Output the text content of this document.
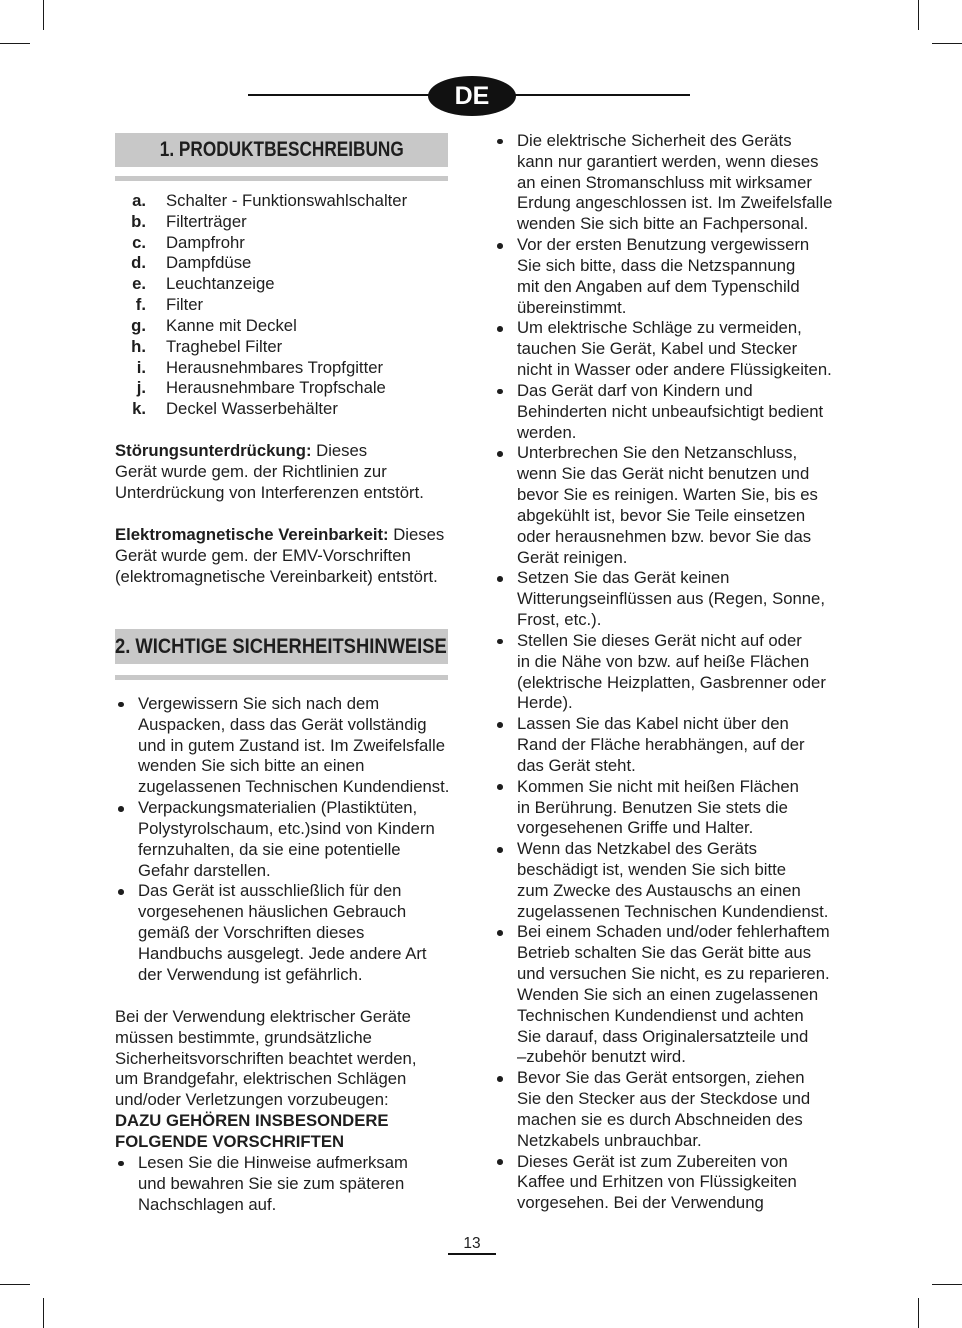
DE
1. PRODUKTBESCHREIBUNG
a. Schalter - Funktionswahlschalter
b. Filterträger
c. Dampfrohr
d. Dampfdüse
e. Leuchtanzeige
f. Filter
g. Kanne mit Deckel
h. Traghebel Filter
i. Herausnehmbares Tropfgitter
j. Herausnehmbare Tropfschale
k. Deckel Wasserbehälter
Störungsunterdrückung: Dieses
Gerät wurde gem. der Richtlinien zur
Unterdrückung von Interferenzen entstört.
Elektromagnetische Vereinbarkeit: Dieses
Gerät wurde gem. der EMV-Vorschriften
(elektromagnetische Vereinbarkeit) entstört.
2. WICHTIGE SICHERHEITSHINWEISE
Vergewissern Sie sich nach dem
Auspacken, dass das Gerät vollständig
und in gutem Zustand ist. Im Zweifelsfalle
wenden Sie sich bitte an einen
zugelassenen Technischen Kundendienst.
Verpackungsmaterialien (Plastiktüten,
Polystyrolschaum, etc.)sind von Kindern
fernzuhalten, da sie eine potentielle
Gefahr darstellen.
Das Gerät ist ausschließlich für den
vorgesehenen häuslichen Gebrauch
gemäß der Vorschriften dieses
Handbuchs ausgelegt. Jede andere Art
der Verwendung ist gefährlich.
Bei der Verwendung elektrischer Geräte
müssen bestimmte, grundsätzliche
Sicherheitsvorschriften beachtet werden,
um Brandgefahr, elektrischen Schlägen
und/oder Verletzungen vorzubeugen:
DAZU GEHÖREN INSBESONDERE
FOLGENDE VORSCHRIFTEN
Lesen Sie die Hinweise aufmerksam
und bewahren Sie sie zum späteren
Nachschlagen auf.
Die elektrische Sicherheit des Geräts
kann nur garantiert werden, wenn dieses
an einen Stromanschluss mit wirksamer
Erdung angeschlossen ist. Im Zweifelsfalle
wenden Sie sich bitte an Fachpersonal.
Vor der ersten Benutzung vergewissern
Sie sich bitte, dass die Netzspannung
mit den Angaben auf dem Typenschild
übereinstimmt.
Um elektrische Schläge zu vermeiden,
tauchen Sie Gerät, Kabel und Stecker
nicht in Wasser oder andere Flüssigkeiten.
Das Gerät darf von Kindern und
Behinderten nicht unbeaufsichtigt bedient
werden.
Unterbrechen Sie den Netzanschluss,
wenn Sie das Gerät nicht benutzen und
bevor Sie es reinigen. Warten Sie, bis es
abgekühlt ist, bevor Sie Teile einsetzen
oder herausnehmen bzw. bevor Sie das
Gerät reinigen.
Setzen Sie das Gerät keinen
Witterungseinflüssen aus (Regen, Sonne,
Frost, etc.).
Stellen Sie dieses Gerät nicht auf oder
in die Nähe von bzw. auf heiße Flächen
(elektrische Heizplatten, Gasbrenner oder
Herde).
Lassen Sie das Kabel nicht über den
Rand der Fläche herabhängen, auf der
das Gerät steht.
Kommen Sie nicht mit heißen Flächen
in Berührung. Benutzen Sie stets die
vorgesehenen Griffe und Halter.
Wenn das Netzkabel des Geräts
beschädigt ist, wenden Sie sich bitte
zum Zwecke des Austauschs an einen
zugelassenen Technischen Kundendienst.
Bei einem Schaden und/oder fehlerhaftem
Betrieb schalten Sie das Gerät bitte aus
und versuchen Sie nicht, es zu reparieren.
Wenden Sie sich an einen zugelassenen
Technischen Kundendienst und achten
Sie darauf, dass Originalersatzteile und
–zubehör benutzt wird.
Bevor Sie das Gerät entsorgen, ziehen
Sie den Stecker aus der Steckdose und
machen sie es durch Abschneiden des
Netzkabels unbrauchbar.
Dieses Gerät ist zum Zubereiten von
Kaffee und Erhitzen von Flüssigkeiten
vorgesehen. Bei der Verwendung
13
